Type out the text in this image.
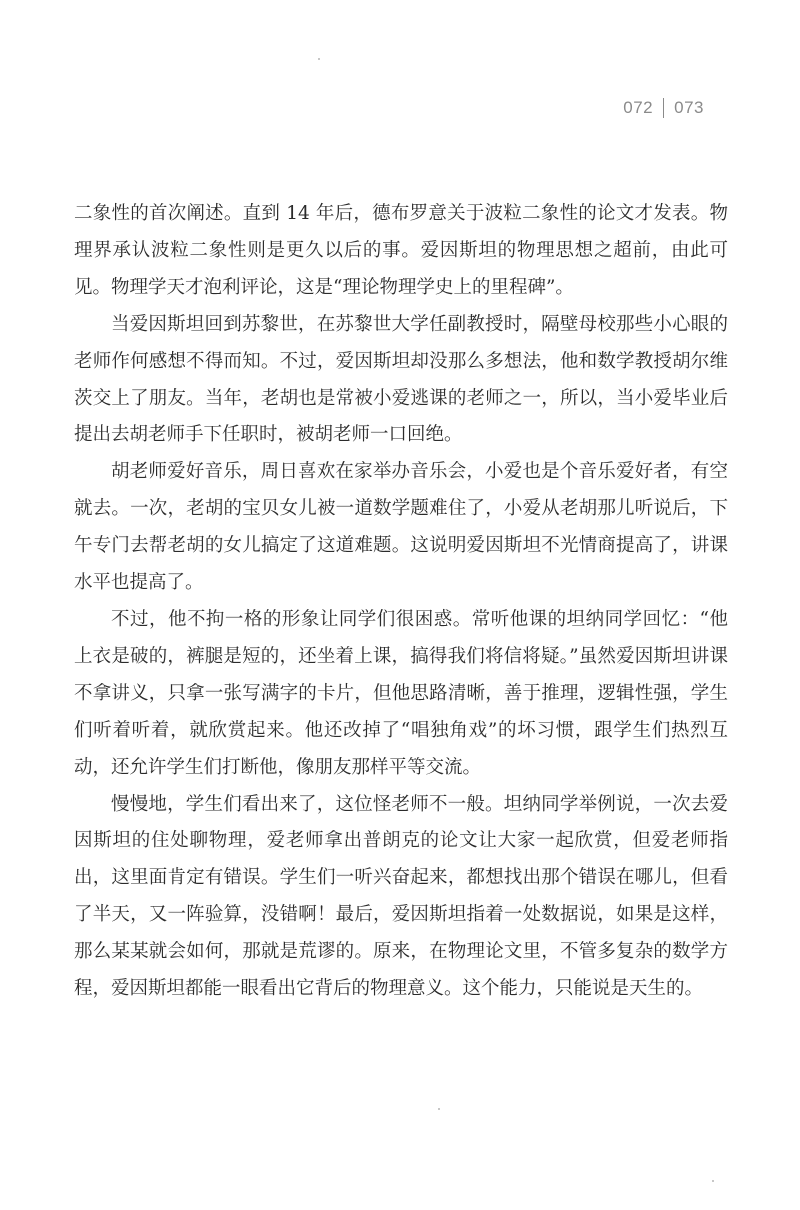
072 073

二象性的首次阐述。直到 14 年后，德布罗意关于波粒二象性的论文才发表。物理界承认波粒二象性则是更久以后的事。爱因斯坦的物理思想之超前，由此可见。物理学天才泡利评论，这是“理论物理学史上的里程碑”。

当爱因斯坦回到苏黎世，在苏黎世大学任副教授时，隔壁母校那些小心眼的老师作何感想不得而知。不过，爱因斯坦却没那么多想法，他和数学教授胡尔维茨交上了朋友。当年，老胡也是常被小爱逃课的老师之一，所以，当小爱毕业后提出去胡老师手下任职时，被胡老师一口回绝。

胡老师爱好音乐，周日喜欢在家举办音乐会，小爱也是个音乐爱好者，有空就去。一次，老胡的宝贝女儿被一道数学题难住了，小爱从老胡那儿听说后，下午专门去帮老胡的女儿搞定了这道难题。这说明爱因斯坦不光情商提高了，讲课水平也提高了。

不过，他不拘一格的形象让同学们很困惑。常听他课的坦纳同学回忆：“他上衣是破的，裤腿是短的，还坐着上课，搞得我们将信将疑。”虽然爱因斯坦讲课不拿讲义，只拿一张写满字的卡片，但他思路清晰，善于推理，逻辑性强，学生们听着听着，就欣赏起来。他还改掉了“唱独角戏”的坏习惯，跟学生们热烈互动，还允许学生们打断他，像朋友那样平等交流。

慢慢地，学生们看出来了，这位怪老师不一般。坦纳同学举例说，一次去爱因斯坦的住处聊物理，爱老师拿出普朗克的论文让大家一起欣赏，但爱老师指出，这里面肯定有错误。学生们一听兴奋起来，都想找出那个错误在哪儿，但看了半天，又一阵验算，没错啊！最后，爱因斯坦指着一处数据说，如果是这样，那么某某就会如何，那就是荒谬的。原来，在物理论文里，不管多复杂的数学方程，爱因斯坦都能一眼看出它背后的物理意义。这个能力，只能说是天生的。
